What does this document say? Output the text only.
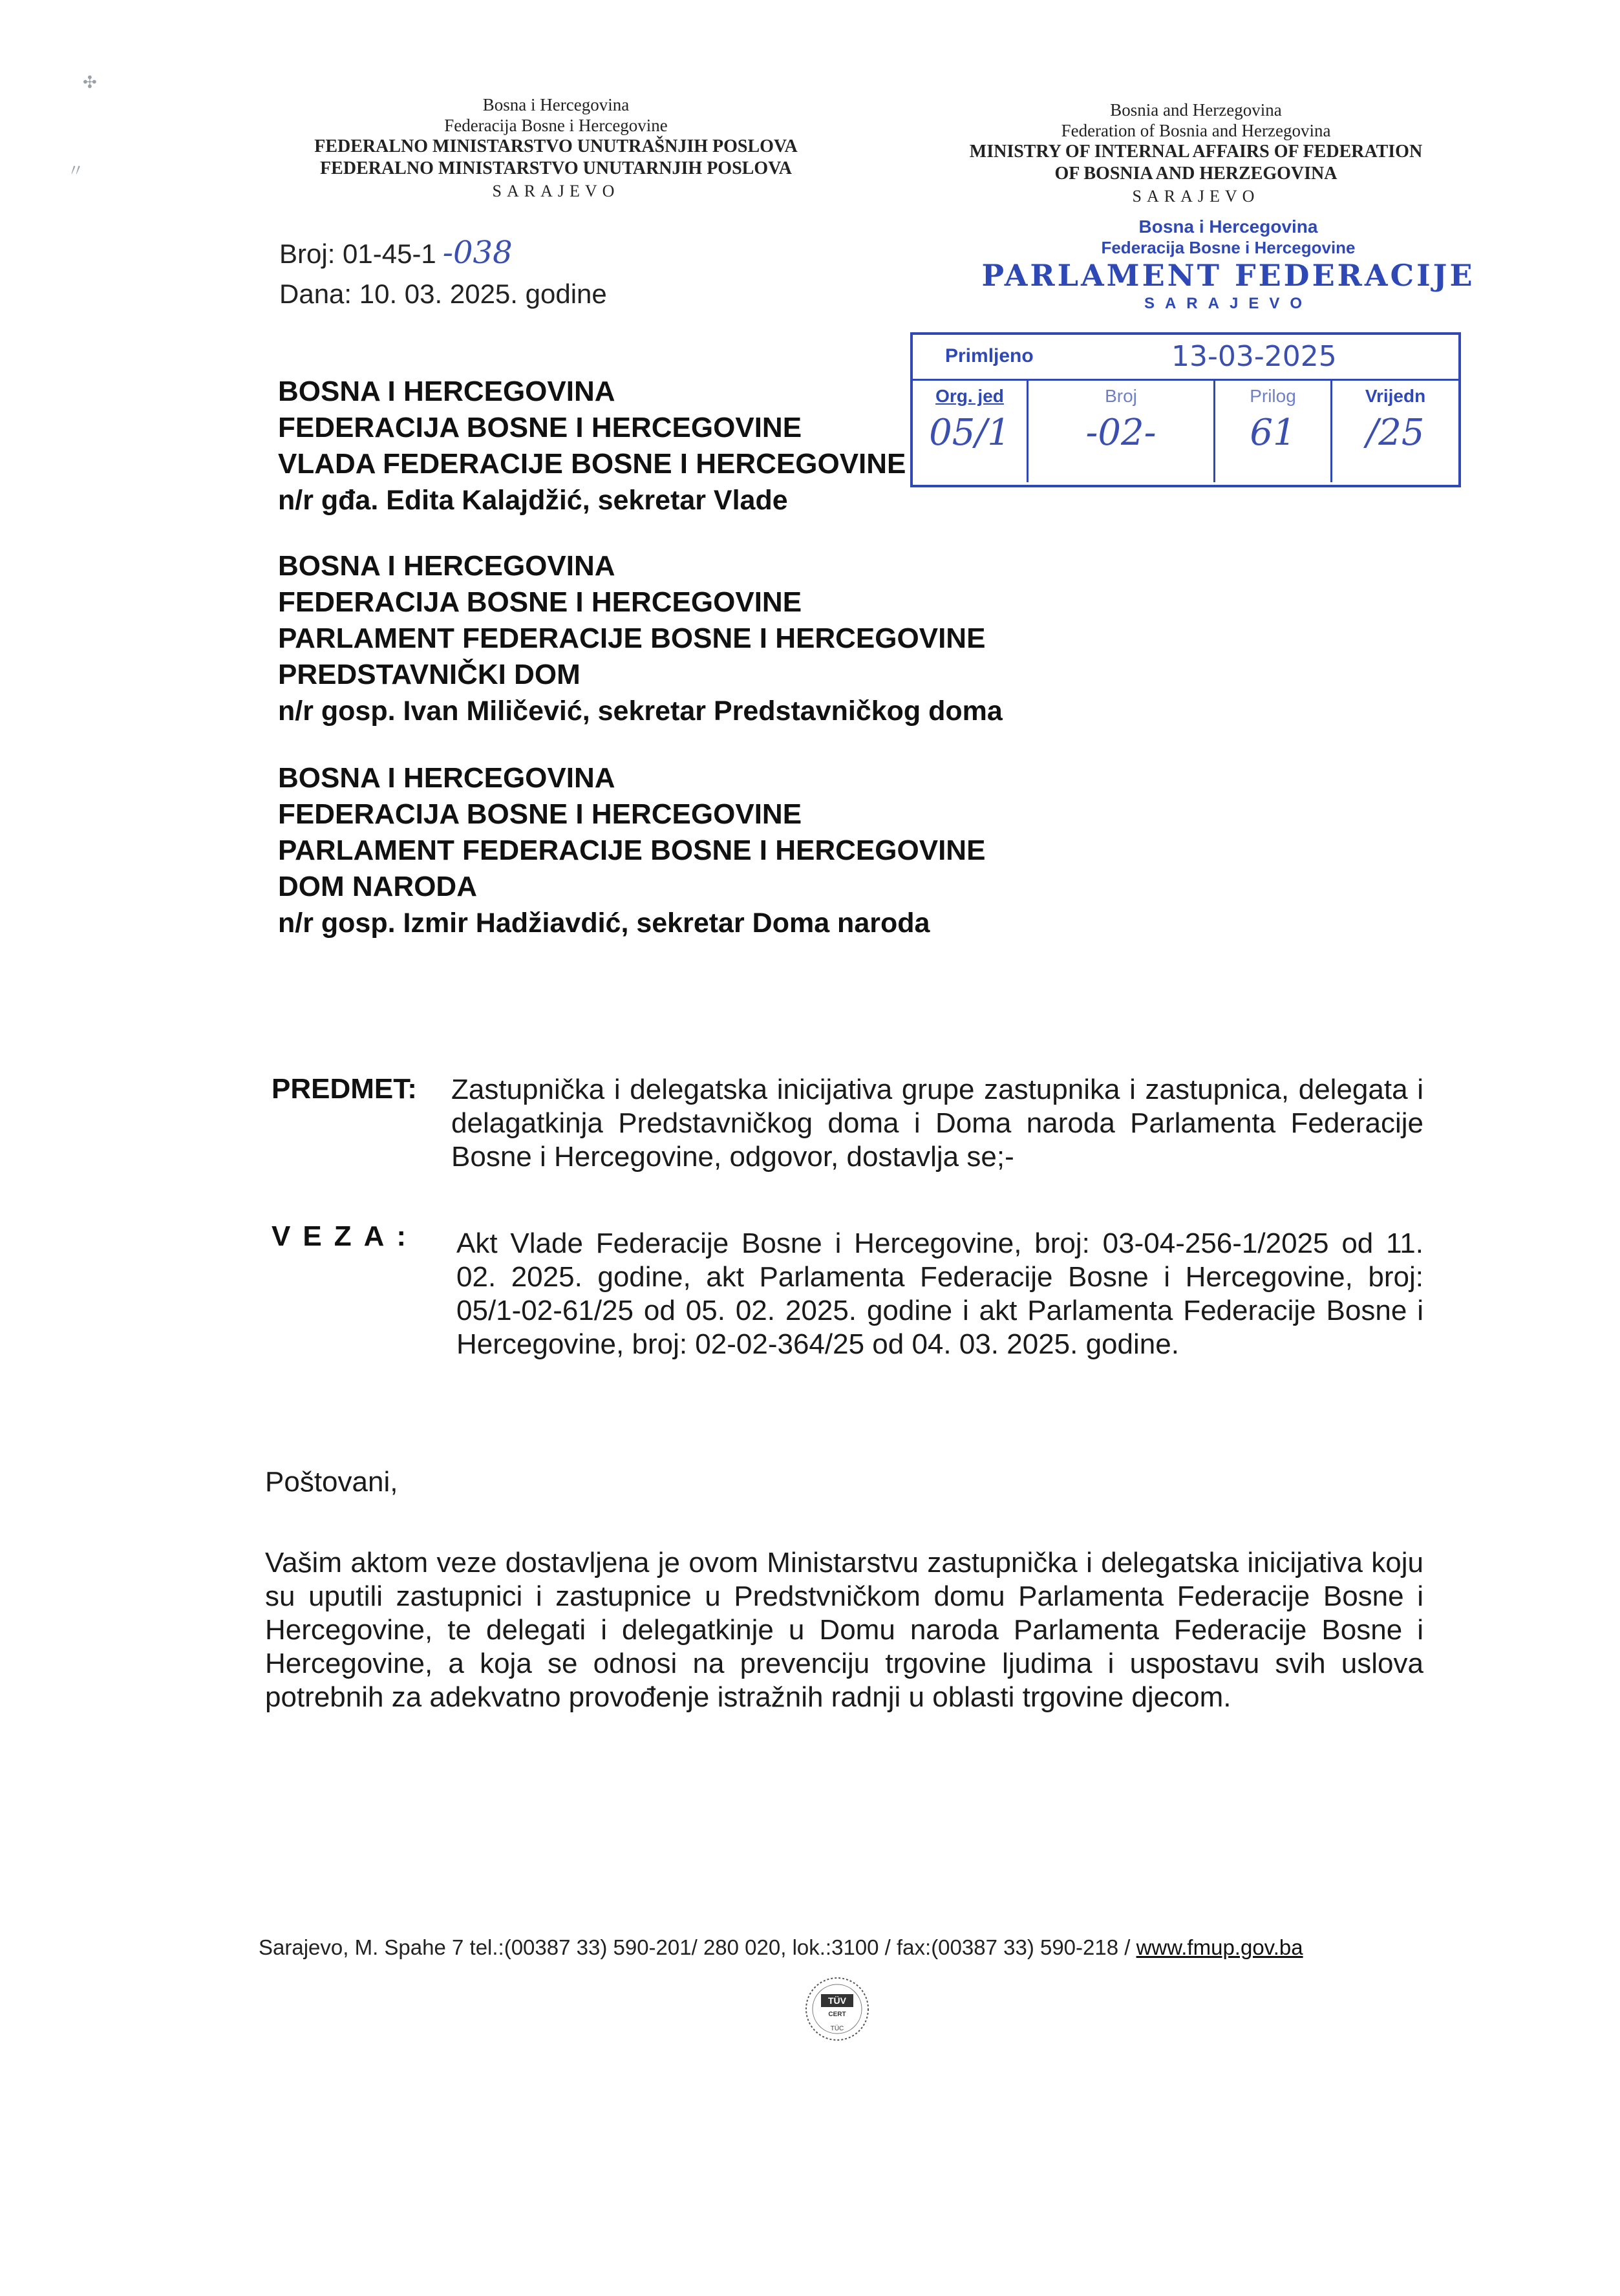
✣
〃
Bosna i Hercegovina
Federacija Bosne i Hercegovine
FEDERALNO MINISTARSTVO UNUTRAŠNJIH POSLOVA
FEDERALNO MINISTARSTVO UNUTARNJIH POSLOVA
SARAJEVO
Bosnia and Herzegovina
Federation of Bosnia and Herzegovina
MINISTRY OF INTERNAL AFFAIRS OF FEDERATION
OF BOSNIA AND HERZEGOVINA
SARAJEVO
Broj: 01-45-1 -038
Dana: 10. 03. 2025. godine
Bosna i Hercegovina
Federacija Bosne i Hercegovine
PARLAMENT FEDERACIJE
SARAJEVO
Primljeno	13-03-2025
Org. jed
05/1
Broj
-02-
Prilog
61
Vrijedn
/25
BOSNA I HERCEGOVINA
FEDERACIJA BOSNE I HERCEGOVINE
VLADA FEDERACIJE BOSNE I HERCEGOVINE
n/r gđa. Edita Kalajdžić, sekretar Vlade
BOSNA I HERCEGOVINA
FEDERACIJA BOSNE I HERCEGOVINE
PARLAMENT FEDERACIJE BOSNE I HERCEGOVINE
PREDSTAVNIČKI DOM
n/r gosp. Ivan Miličević, sekretar Predstavničkog doma
BOSNA I HERCEGOVINA
FEDERACIJA BOSNE I HERCEGOVINE
PARLAMENT FEDERACIJE BOSNE I HERCEGOVINE
DOM NARODA
n/r gosp. Izmir Hadžiavdić, sekretar Doma naroda
PREDMET: Zastupnička i delegatska inicijativa grupe zastupnika i zastupnica, delegata i delagatkinja Predstavničkog doma i Doma naroda Parlamenta Federacije Bosne i Hercegovine, odgovor, dostavlja se;-
VEZA: Akt Vlade Federacije Bosne i Hercegovine, broj: 03-04-256-1/2025 od 11. 02. 2025. godine, akt Parlamenta Federacije Bosne i Hercegovine, broj: 05/1-02-61/25 od 05. 02. 2025. godine i akt Parlamenta Federacije Bosne i Hercegovine, broj: 02-02-364/25 od 04. 03. 2025. godine.
Poštovani,
Vašim aktom veze dostavljena je ovom Ministarstvu zastupnička i delegatska inicijativa koju su uputili zastupnici i zastupnice u Predstvničkom domu Parlamenta Federacije Bosne i Hercegovine, te delegati i delegatkinje u Domu naroda Parlamenta Federacije Bosne i Hercegovine, a koja se odnosi na prevenciju trgovine ljudima i uspostavu svih uslova potrebnih za adekvatno provođenje istražnih radnji u oblasti trgovine djecom.
Sarajevo, M. Spahe 7 tel.:(00387 33) 590-201/ 280 020, lok.:3100 / fax:(00387 33) 590-218 / www.fmup.gov.ba
TÜV
CERT
TÜC
